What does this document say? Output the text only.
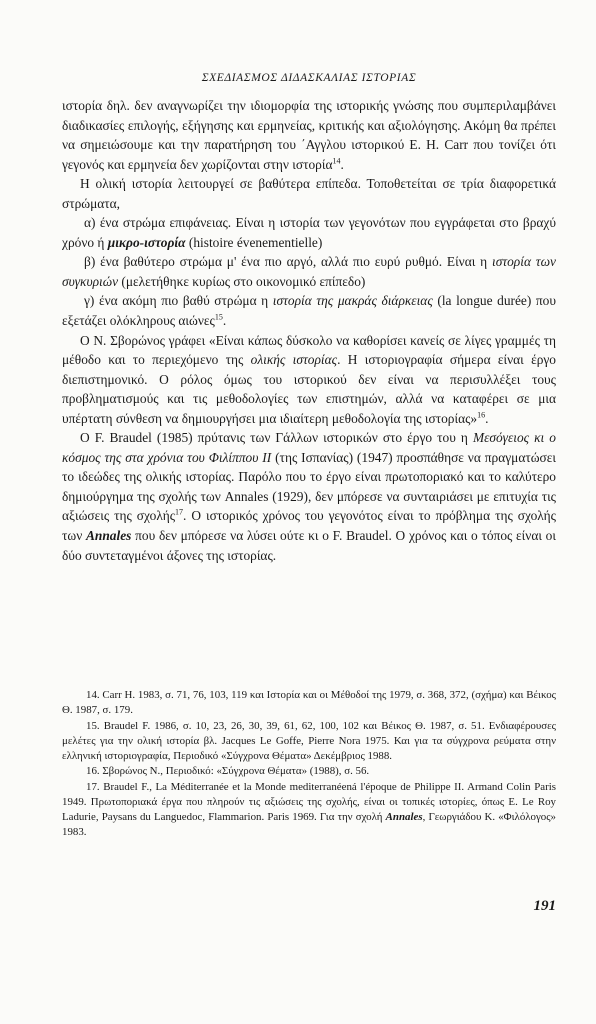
ΣΧΕΔΙΑΣΜΟΣ ΔΙΔΑΣΚΑΛΙΑΣ ΙΣΤΟΡΙΑΣ

ιστορία δηλ. δεν αναγνωρίζει την ιδιομορφία της ιστορικής γνώσης που συμπεριλαμβάνει διαδικασίες επιλογής, εξήγησης και ερμηνείας, κριτικής και αξιολόγησης. Ακόμη θα πρέπει να σημειώσουμε και την παρατήρηση του ΄Αγγλου ιστορικού Ε. Η. Carr που τονίζει ότι γεγονός και ερμηνεία δεν χωρίζονται στην ιστορία$^{14}$.

Η ολική ιστορία λειτουργεί σε βαθύτερα επίπεδα. Τοποθετείται σε τρία διαφορετικά στρώματα,

α) ένα στρώμα επιφάνειας. Είναι η ιστορία των γεγονότων που εγγράφεται στο βραχύ χρόνο ή μικρο-ιστορία (histoire évenementielle)

β) ένα βαθύτερο στρώμα μ' ένα πιο αργό, αλλά πιο ευρύ ρυθμό. Είναι η ιστορία των συγκυριών (μελετήθηκε κυρίως στο οικονομικό επίπεδο)

γ) ένα ακόμη πιο βαθύ στρώμα η ιστορία της μακράς διάρκειας (la longue durée) που εξετάζει ολόκληρους αιώνες$^{15}$.

Ο Ν. Σβορώνος γράφει «Είναι κάπως δύσκολο να καθορίσει κανείς σε λίγες γραμμές τη μέθοδο και το περιεχόμενο της ολικής ιστορίας. Η ιστοριογραφία σήμερα είναι έργο διεπιστημονικό. Ο ρόλος όμως του ιστορικού δεν είναι να περισυλλέξει τους προβληματισμούς και τις μεθοδολογίες των επιστημών, αλλά να καταφέρει σε μια υπέρτατη σύνθεση να δημιουργήσει μια ιδιαίτερη μεθοδολογία της ιστορίας»$^{16}$.

Ο F. Braudel (1985) πρύτανις των Γάλλων ιστορικών στο έργο του η Μεσόγειος κι ο κόσμος της στα χρόνια του Φιλίππου ΙΙ (της Ισπανίας) (1947) προσπάθησε να πραγματώσει το ιδεώδες της ολικής ιστορίας. Παρόλο που το έργο είναι πρωτοποριακό και το καλύτερο δημιούργημα της σχολής των Annales (1929), δεν μπόρεσε να συνταιριάσει με επιτυχία τις αξιώσεις της σχολής$^{17}$. Ο ιστορικός χρόνος του γεγονότος είναι το πρόβλημα της σχολής των Annales που δεν μπόρεσε να λύσει ούτε κι ο F. Braudel. Ο χρόνος και ο τόπος είναι οι δύο συντεταγμένοι άξονες της ιστορίας.

14. Carr H. 1983, σ. 71, 76, 103, 119 και Ιστορία και οι Μέθοδοί της 1979, σ. 368, 372, (σχήμα) και Βέικος Θ. 1987, σ. 179.

15. Braudel F. 1986, σ. 10, 23, 26, 30, 39, 61, 62, 100, 102 και Βέικος Θ. 1987, σ. 51. Ενδιαφέρουσες μελέτες για την ολική ιστορία βλ. Jacques Le Goffe, Pierre Nora 1975. Και για τα σύγχρονα ρεύματα στην ελληνική ιστοριογραφία, Περιοδικό «Σύγχρονα Θέματα» Δεκέμβριος 1988.

16. Σβορώνος Ν., Περιοδικό: «Σύγχρονα Θέματα» (1988), σ. 56.

17. Braudel F., La Méditerranée et la Monde mediterranéená l'époque de Philippe II. Armand Colin Paris 1949. Πρωτοποριακά έργα που πληρούν τις αξιώσεις της σχολής, είναι οι τοπικές ιστορίες, όπως E. Le Roy Ladurie, Paysans du Languedoc, Flammarion. Paris 1969. Για την σχολή Annales, Γεωργιάδου Κ. «Φιλόλογος» 1983.

191
